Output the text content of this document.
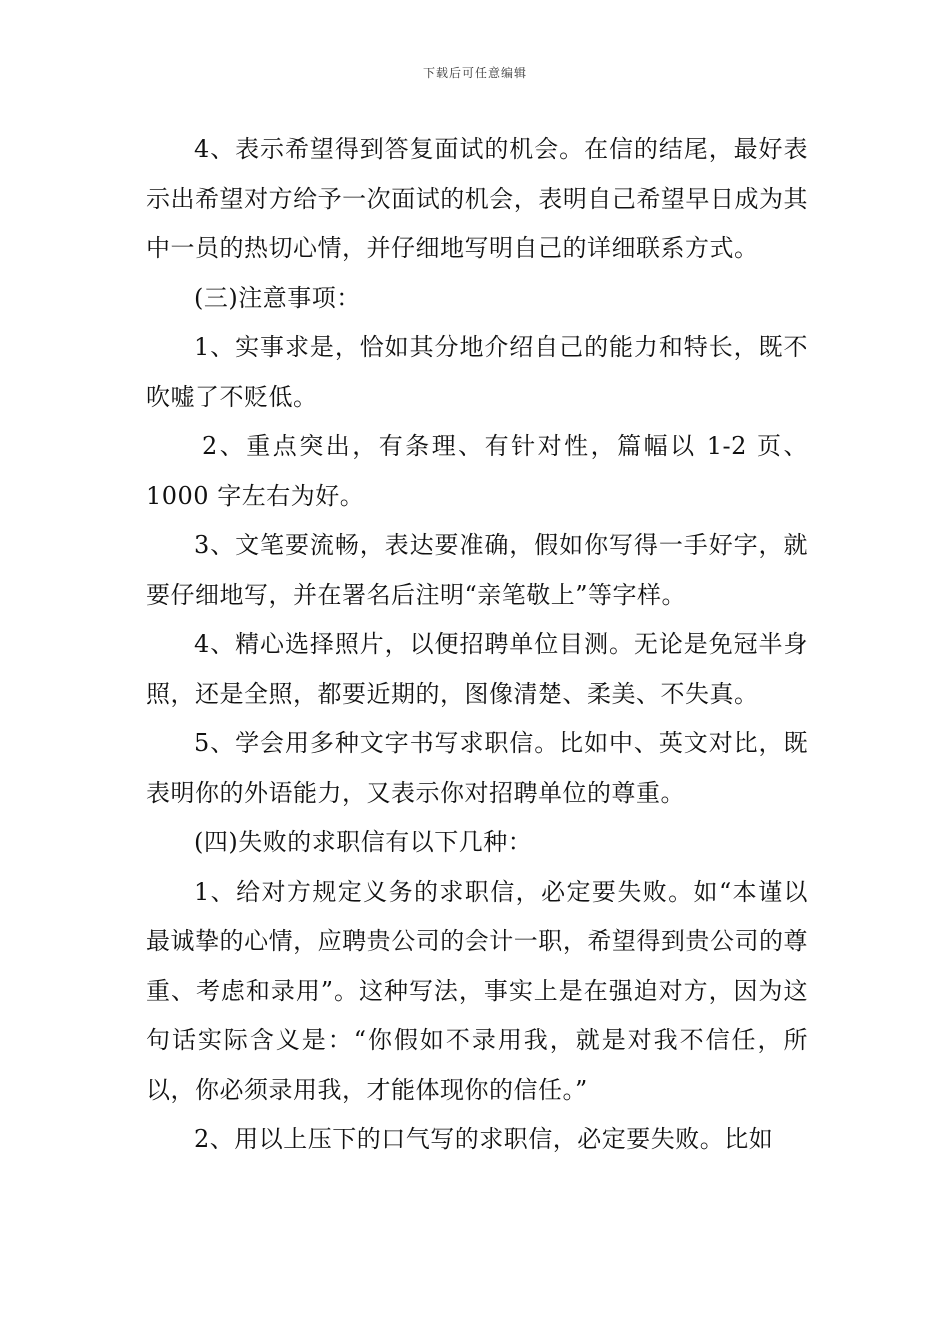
下载后可任意编辑

4、表示希望得到答复面试的机会。在信的结尾，最好表示出希望对方给予一次面试的机会，表明自己希望早日成为其中一员的热切心情，并仔细地写明自己的详细联系方式。

(三)注意事项：

1、实事求是，恰如其分地介绍自己的能力和特长，既不吹嘘了不贬低。

2、重点突出，有条理、有针对性，篇幅以 1-2 页、1000 字左右为好。

3、文笔要流畅，表达要准确，假如你写得一手好字，就要仔细地写，并在署名后注明“亲笔敬上”等字样。

4、精心选择照片，以便招聘单位目测。无论是免冠半身照，还是全照，都要近期的，图像清楚、柔美、不失真。

5、学会用多种文字书写求职信。比如中、英文对比，既表明你的外语能力，又表示你对招聘单位的尊重。

(四)失败的求职信有以下几种：

1、给对方规定义务的求职信，必定要失败。如“本谨以最诚挚的心情，应聘贵公司的会计一职，希望得到贵公司的尊重、考虑和录用”。这种写法，事实上是在强迫对方，因为这句话实际含义是：“你假如不录用我，就是对我不信任，所以，你必须录用我，才能体现你的信任。”

2、用以上压下的口气写的求职信，必定要失败。比如
